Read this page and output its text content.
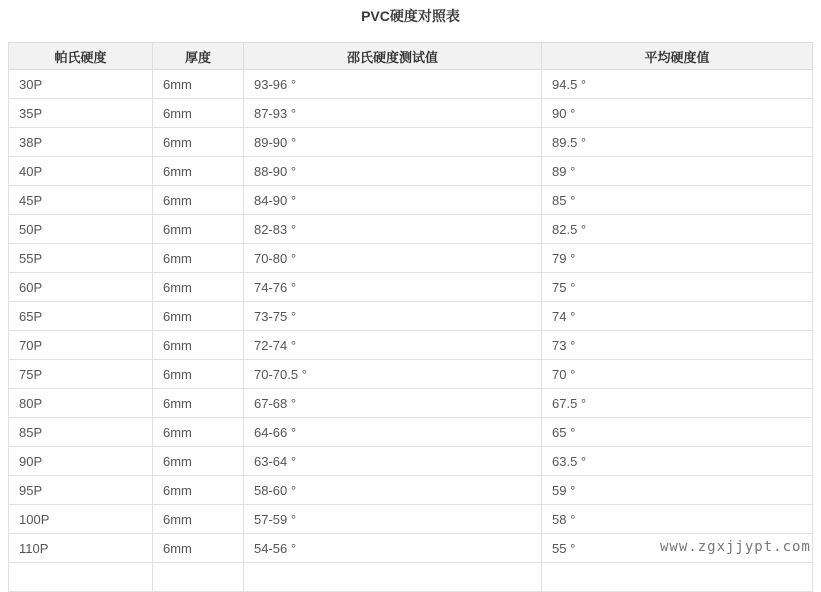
PVC硬度对照表
帕氏硬度	厚度	邵氏硬度测试值	平均硬度值
30P	6mm	93-96 °	94.5 °
35P	6mm	87-93 °	90 °
38P	6mm	89-90 °	89.5 °
40P	6mm	88-90 °	89 °
45P	6mm	84-90 °	85 °
50P	6mm	82-83 °	82.5 °
55P	6mm	70-80 °	79 °
60P	6mm	74-76 °	75 °
65P	6mm	73-75 °	74 °
70P	6mm	72-74 °	73 °
75P	6mm	70-70.5 °	70 °
80P	6mm	67-68 °	67.5 °
85P	6mm	64-66 °	65 °
90P	6mm	63-64 °	63.5 °
95P	6mm	58-60 °	59 °
100P	6mm	57-59 °	58 °
110P	6mm	54-56 °	55 °
				www.zgxjjypt.com
